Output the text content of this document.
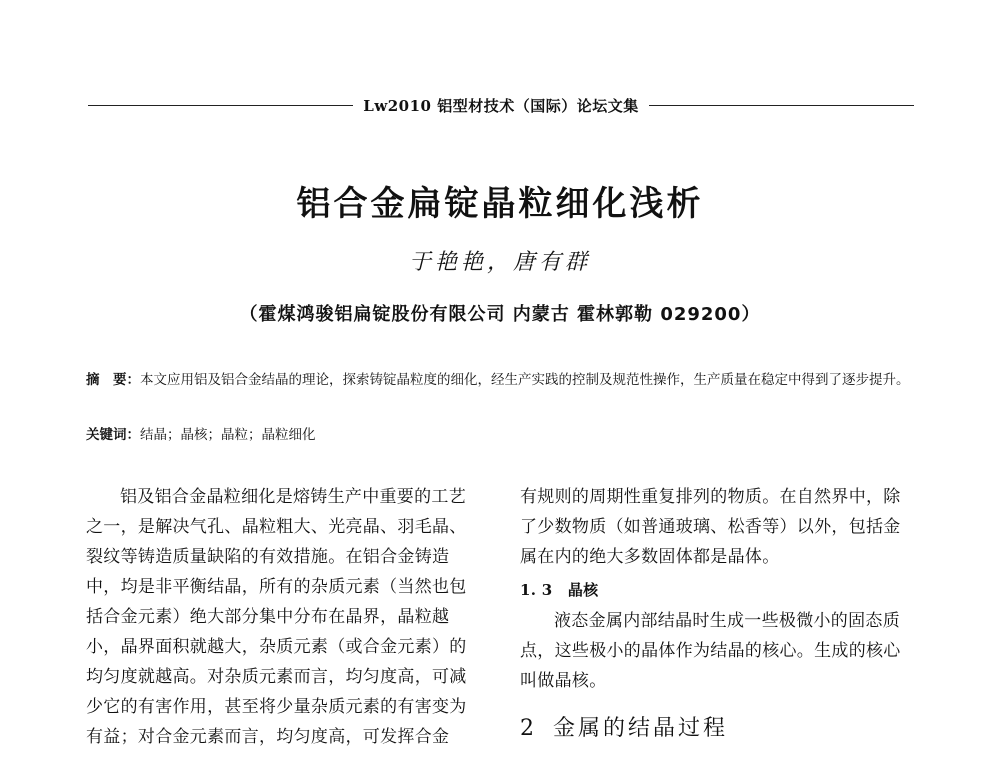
Lw2010 铝型材技术（国际）论坛文集
铝合金扁锭晶粒细化浅析
于艳艳，唐有群
（霍煤鸿骏铝扁锭股份有限公司 内蒙古 霍林郭勒 029200）
摘　要：本文应用铝及铝合金结晶的理论，探索铸锭晶粒度的细化，经生产实践的控制及规范性操作，生产质量在稳定中得到了逐步提升。
关键词：结晶；晶核；晶粒；晶粒细化

铝及铝合金晶粒细化是熔铸生产中重要的工艺之一，是解决气孔、晶粒粗大、光亮晶、羽毛晶、裂纹等铸造质量缺陷的有效措施。在铝合金铸造中，均是非平衡结晶，所有的杂质元素（当然也包括合金元素）绝大部分集中分布在晶界，晶粒越小，晶界面积就越大，杂质元素（或合金元素）的均匀度就越高。对杂质元素而言，均匀度高，可减少它的有害作用，甚至将少量杂质元素的有害变为有益；对合金元素而言，均匀度高，可发挥合金

有规则的周期性重复排列的物质。在自然界中，除了少数物质（如普通玻璃、松香等）以外，包括金属在内的绝大多数固体都是晶体。

1. 3　晶核

液态金属内部结晶时生成一些极微小的固态质点，这些极小的晶体作为结晶的核心。生成的核心叫做晶核。

2 金属的结晶过程
